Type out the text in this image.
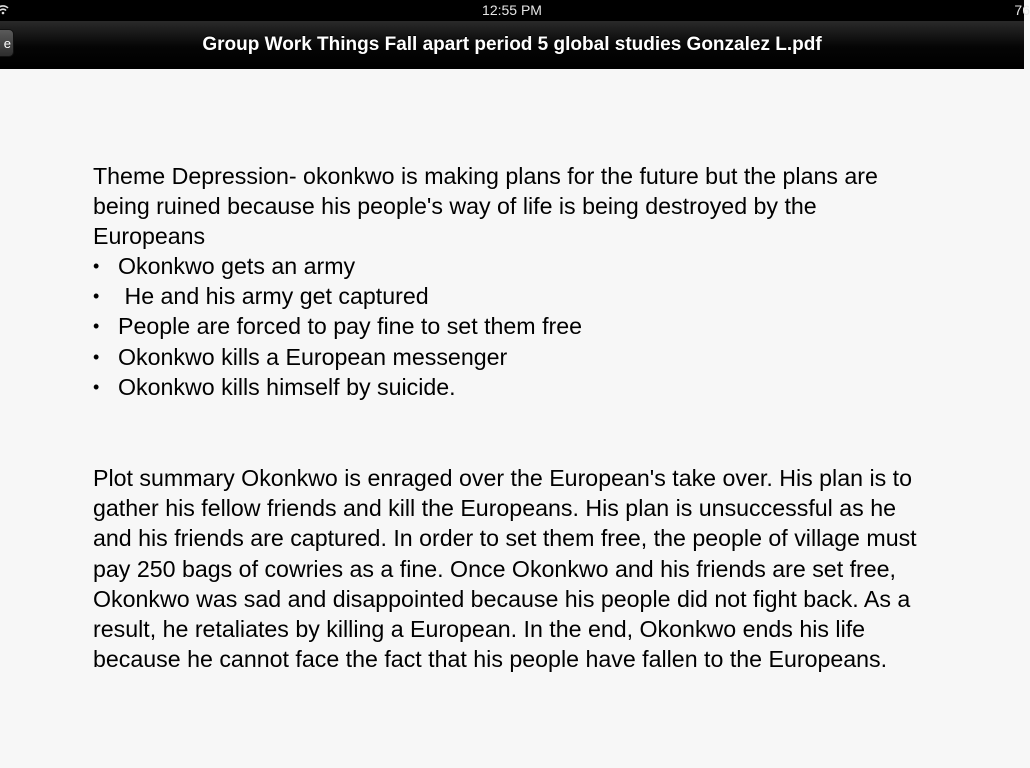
12:55 PM	76
e	Group Work Things Fall apart period 5 global studies Gonzalez L.pdf

Theme Depression- okonkwo is making plans for the future but the plans are being ruined because his people's way of life is being destroyed by the Europeans

• Okonkwo gets an army
•  He and his army get captured
• People are forced to pay fine to set them free
• Okonkwo kills a European messenger
• Okonkwo kills himself by suicide.

Plot summary Okonkwo is enraged over the European's take over. His plan is to gather his fellow friends and kill the Europeans. His plan is unsuccessful as he and his friends are captured. In order to set them free, the people of village must pay 250 bags of cowries as a fine. Once Okonkwo and his friends are set free, Okonkwo was sad and disappointed because his people did not fight back. As a result, he retaliates by killing a European. In the end, Okonkwo ends his life because he cannot face the fact that his people have fallen to the Europeans.
